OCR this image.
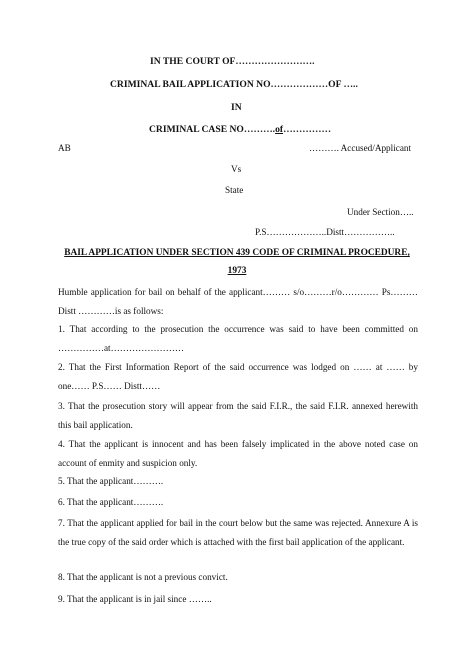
IN THE COURT OF…………………….
CRIMINAL BAIL APPLICATION NO………………OF …..
IN
CRIMINAL CASE NO……….of……………
AB	………. Accused/Applicant
Vs
State
Under Section…..
P.S………………..Distt……………..
BAIL APPLICATION UNDER SECTION 439 CODE OF CRIMINAL PROCEDURE,
1973
Humble application for bail on behalf of the applicant……… s/o………r/o………… Ps……… Distt …………is as follows:
1. That according to the prosecution the occurrence was said to have been committed on ……………at……………………
2. That the First Information Report of the said occurrence was lodged on …… at …… by one…… P.S…… Distt……
3. That the prosecution story will appear from the said F.I.R., the said F.I.R. annexed herewith this bail application.
4. That the applicant is innocent and has been falsely implicated in the above noted case on account of enmity and suspicion only.
5. That the applicant……….
6. That the applicant……….
7. That the applicant applied for bail in the court below but the same was rejected. Annexure A is the true copy of the said order which is attached with the first bail application of the applicant.
8. That the applicant is not a previous convict.
9. That the applicant is in jail since ……..
